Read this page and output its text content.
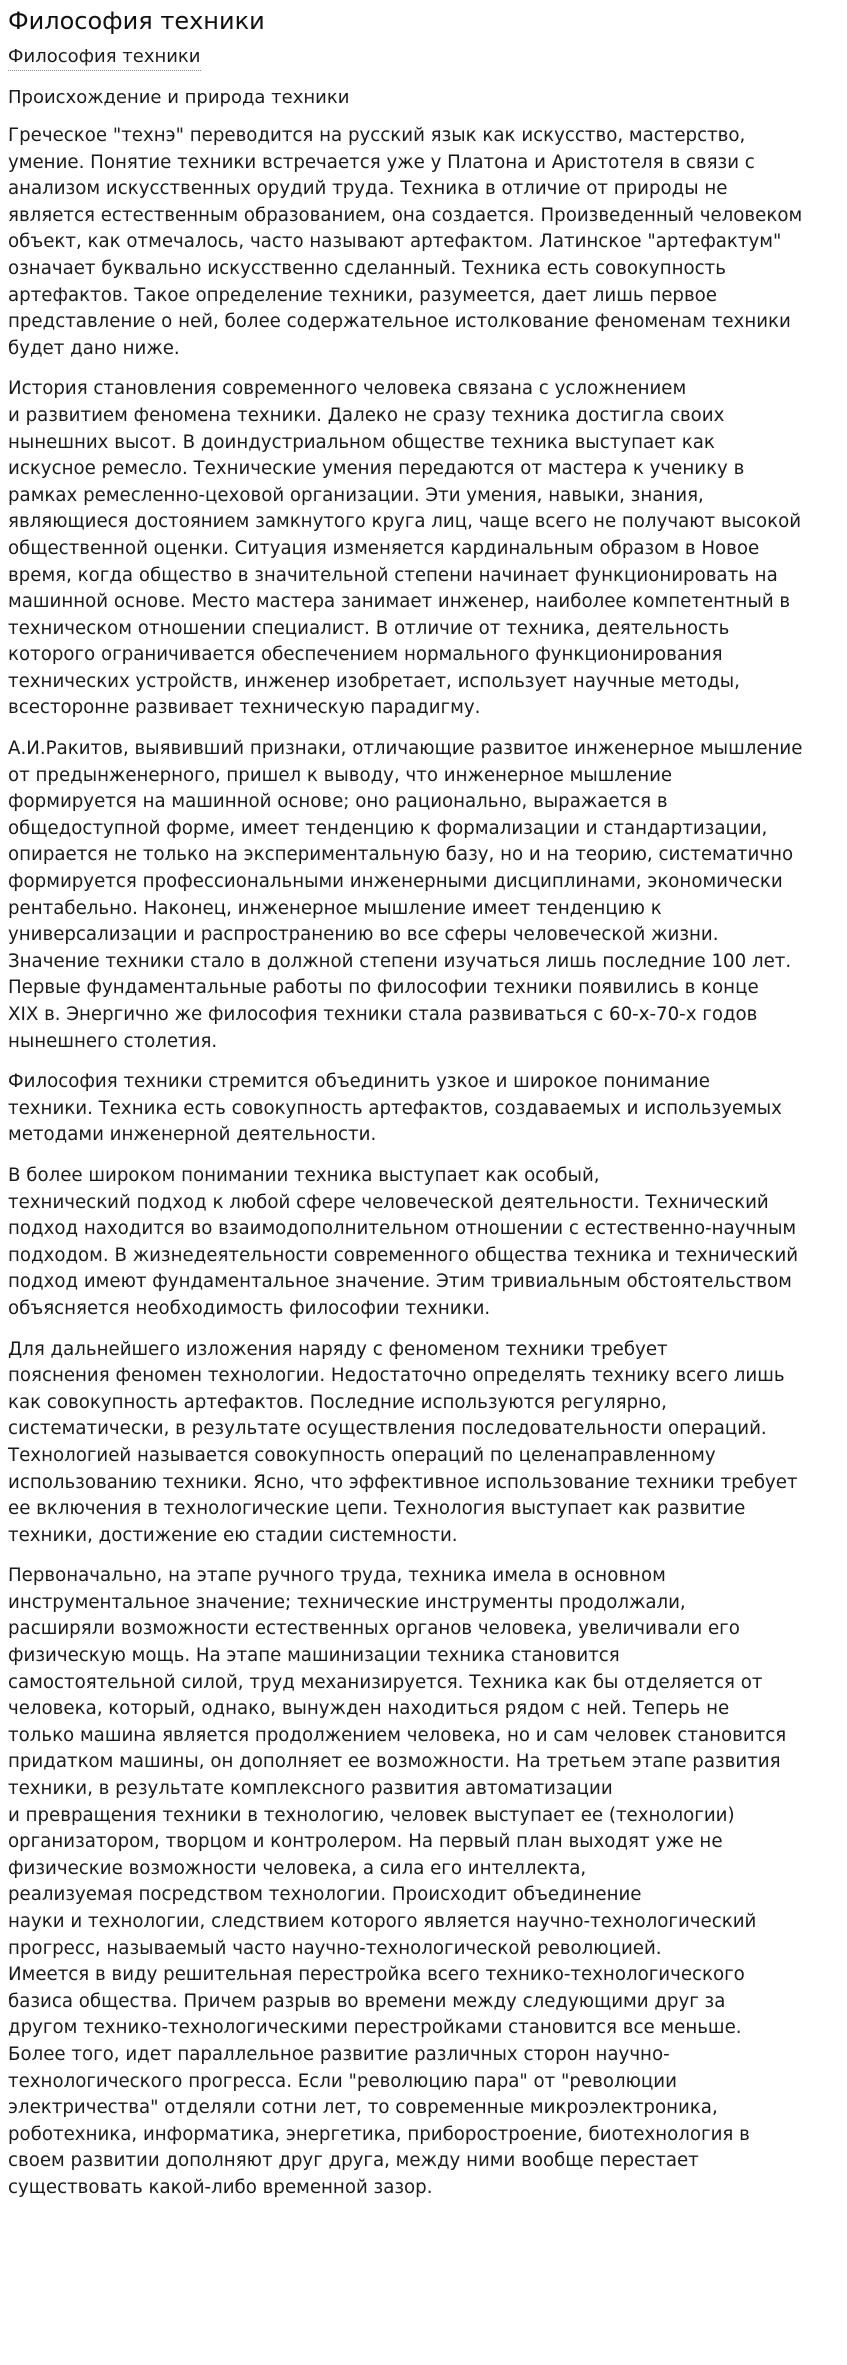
Философия техники
Философия техники
Происхождение и природа техники

Греческое "технэ" переводится на русский язык как искусство, мастерство,
умение. Понятие техники встречается уже у Платона и Аристотеля в связи с
анализом искусственных орудий труда. Техника в отличие от природы не
является естественным образованием, она создается. Произведенный человеком
объект, как отмечалось, часто называют артефактом. Латинское "артефактум"
означает буквально искусственно сделанный. Техника есть совокупность
артефактов. Такое определение техники, разумеется, дает лишь первое
представление о ней, более содержательное истолкование феноменам техники
будет дано ниже.

История становления современного человека связана с усложнением
и развитием феномена техники. Далеко не сразу техника достигла своих
нынешних высот. В доиндустриальном обществе техника выступает как
искусное ремесло. Технические умения передаются от мастера к ученику в
рамках ремесленно-цеховой организации. Эти умения, навыки, знания,
являющиеся достоянием замкнутого круга лиц, чаще всего не получают высокой
общественной оценки. Ситуация изменяется кардинальным образом в Новое
время, когда общество в значительной степени начинает функционировать на
машинной основе. Место мастера занимает инженер, наиболее компетентный в
техническом отношении специалист. В отличие от техника, деятельность
которого ограничивается обеспечением нормального функционирования
технических устройств, инженер изобретает, использует научные методы,
всесторонне развивает техническую парадигму.

А.И.Ракитов, выявивший признаки, отличающие развитое инженерное мышление
от предынженерного, пришел к выводу, что инженерное мышление
формируется на машинной основе; оно рационально, выражается в
общедоступной форме, имеет тенденцию к формализации и стандартизации,
опирается не только на экспериментальную базу, но и на теорию, систематично
формируется профессиональными инженерными дисциплинами, экономически
рентабельно. Наконец, инженерное мышление имеет тенденцию к
универсализации и распространению во все сферы человеческой жизни.
Значение техники стало в должной степени изучаться лишь последние 100 лет.
Первые фундаментальные работы по философии техники появились в конце
XIX в. Энергично же философия техники стала развиваться с 60-х-70-х годов
нынешнего столетия.

Философия техники стремится объединить узкое и широкое понимание
техники. Техника есть совокупность артефактов, создаваемых и используемых
методами инженерной деятельности.

В более широком понимании техника выступает как особый,
технический подход к любой сфере человеческой деятельности. Технический
подход находится во взаимодополнительном отношении с естественно-научным
подходом. В жизнедеятельности современного общества техника и технический
подход имеют фундаментальное значение. Этим тривиальным обстоятельством
объясняется необходимость философии техники.

Для дальнейшего изложения наряду с феноменом техники требует
пояснения феномен технологии. Недостаточно определять технику всего лишь
как совокупность артефактов. Последние используются регулярно,
систематически, в результате осуществления последовательности операций.
Технологией называется совокупность операций по целенаправленному
использованию техники. Ясно, что эффективное использование техники требует
ее включения в технологические цепи. Технология выступает как развитие
техники, достижение ею стадии системности.

Первоначально, на этапе ручного труда, техника имела в основном
инструментальное значение; технические инструменты продолжали,
расширяли возможности естественных органов человека, увеличивали его
физическую мощь. На этапе машинизации техника становится
самостоятельной силой, труд механизируется. Техника как бы отделяется от
человека, который, однако, вынужден находиться рядом с ней. Теперь не
только машина является продолжением человека, но и сам человек становится
придатком машины, он дополняет ее возможности. На третьем этапе развития
техники, в результате комплексного развития автоматизации
и превращения техники в технологию, человек выступает ее (технологии)
организатором, творцом и контролером. На первый план выходят уже не
физические возможности человека, а сила его интеллекта,
реализуемая посредством технологии. Происходит объединение
науки и технологии, следствием которого является научно-технологический
прогресс, называемый часто научно-технологической революцией.
Имеется в виду решительная перестройка всего технико-технологического
базиса общества. Причем разрыв во времени между следующими друг за
другом технико-технологическими перестройками становится все меньше.
Более того, идет параллельное развитие различных сторон научно-
технологического прогресса. Если "революцию пара" от "революции
электричества" отделяли сотни лет, то современные микроэлектроника,
роботехника, информатика, энергетика, приборостроение, биотехнология в
своем развитии дополняют друг друга, между ними вообще перестает
существовать какой-либо временной зазор.
